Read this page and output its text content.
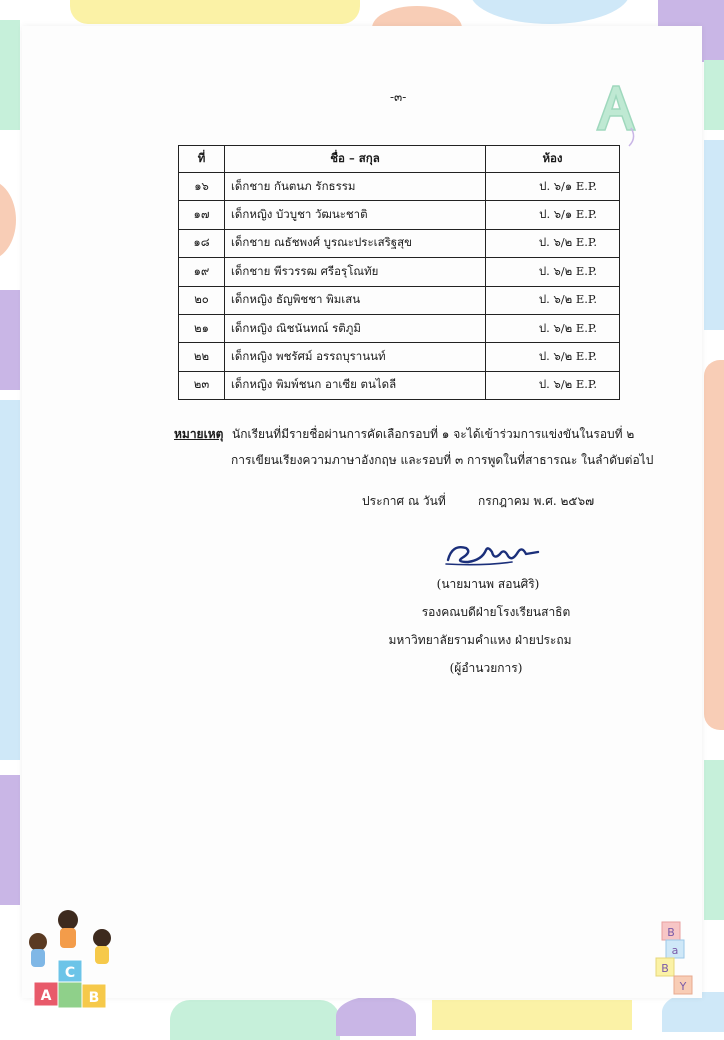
C
A	B
B
a
B
Y
-๓-
ที่	ชื่อ – สกุล	ห้อง
๑๖	เด็กชาย กันตนภ รักธรรม	ป. ๖/๑ E.P.
๑๗	เด็กหญิง บัวบูชา วัฒนะชาติ	ป. ๖/๑ E.P.
๑๘	เด็กชาย ณธัชพงศ์ บูรณะประเสริฐสุข	ป. ๖/๒ E.P.
๑๙	เด็กชาย พีรวรรฒ ศรีอรุโณทัย	ป. ๖/๒ E.P.
๒๐	เด็กหญิง ธัญพิชชา พิมเสน	ป. ๖/๒ E.P.
๒๑	เด็กหญิง ณิชนันทณ์ รติภูมิ	ป. ๖/๒ E.P.
๒๒	เด็กหญิง พชรัศม์ อรรถบุรานนท์	ป. ๖/๒ E.P.
๒๓	เด็กหญิง พิมพ์ชนก อาเซีย ตนไดลี	ป. ๖/๒ E.P.
หมายเหตุ นักเรียนที่มีรายชื่อผ่านการคัดเลือกรอบที่ ๑ จะได้เข้าร่วมการแข่งขันในรอบที่ ๒
การเขียนเรียงความภาษาอังกฤษ และรอบที่ ๓ การพูดในที่สาธารณะ ในลำดับต่อไป
ประกาศ ณ วันที่	กรกฎาคม พ.ศ. ๒๕๖๗
(นายมานพ สอนศิริ)
รองคณบดีฝ่ายโรงเรียนสาธิต
มหาวิทยาลัยรามคำแหง ฝ่ายประถม
(ผู้อำนวยการ)
